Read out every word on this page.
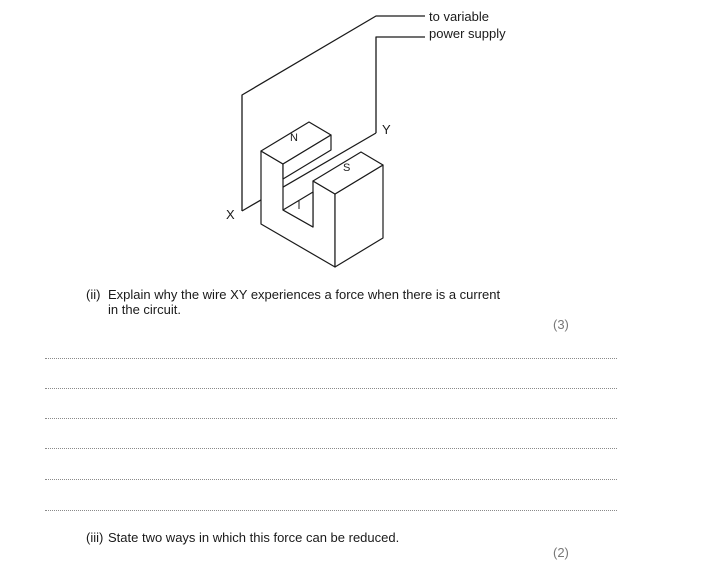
to variable
power supply
X
Y
N
S
(ii) Explain why the wire XY experiences a force when there is a current
in the circuit.
(3)
(iii) State two ways in which this force can be reduced.
(2)
